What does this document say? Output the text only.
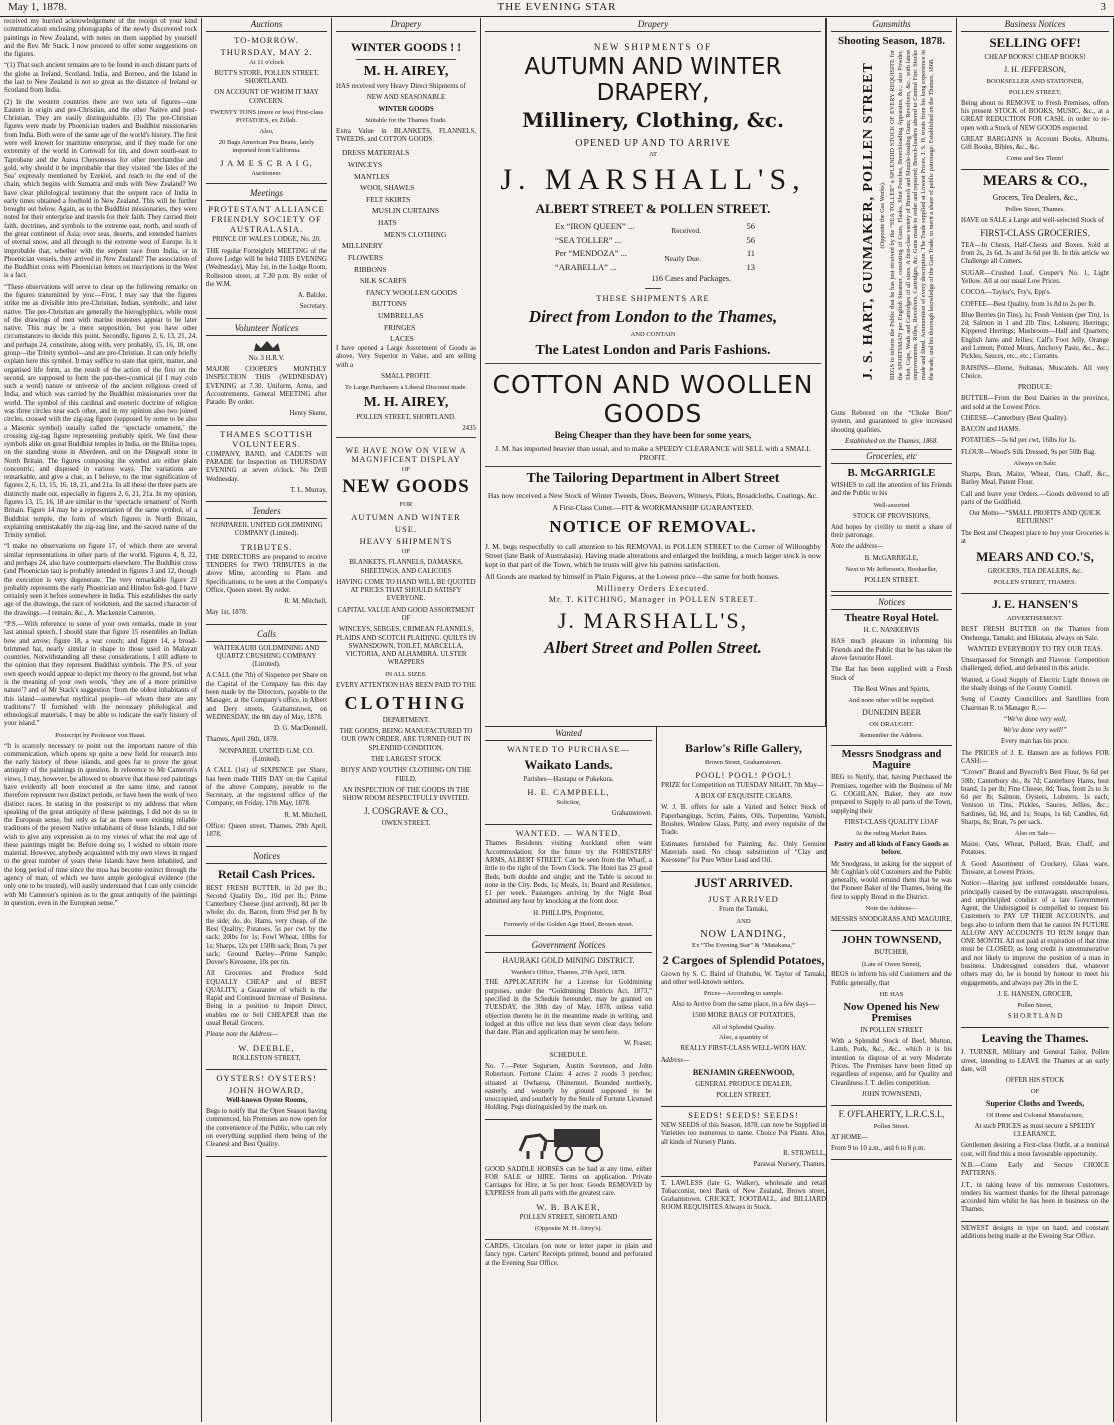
May 1, 1878.	THE EVENING STAR	3

received my hurried acknowledgement of the receipt of your kind communication enclosing photographs of the newly discovered rock paintings in New Zealand, with notes on them supplied by yourself and the Rev. Mr Stack. I now proceed to offer some suggestions on the figures.

“(1) That such ancient remains are to be found in such distant parts of the globe as Ireland, Scotland, India, and Borneo, and the Island in the last to New Zealand is not so great as the distance of Ireland or Scotland from India.

(2) In the western countries there are two sets of figures—one Eastern in origin and pre-Christian, and the other Native and post-Christian. They are easily distinguishable. (3) The pre-Christian figures were made by Phoenician traders and Buddhist missionaries from India. Both were of the same age of the world's history. The first were well known for maritime enterprise, and if they made for one extremity of the world in Cornwall for tin, and down south-east to Taprobane and the Aurea Chersonesus for other merchandise and gold, why should it be improbable that they visited ‘the Isles of the Sea’ expressly mentioned by Ezekiel, and reach to the end of the chain, which begins with Sumatra and ends with New Zealand? We have clear philological testimony that the serpent race of India in early times obtained a foothold in New Zealand. This will be further brought out below. Again, as to the Buddhist missionaries, they were noted for their enterprise and travels for their faith. They carried their faith, doctrines, and symbols to the extreme east, north, and south of the great continent of Asia; over seas, deserts, and extended barriers of eternal snow, and all through to the extreme west of Europe. Is it improbable that, whether with the serpent race from India, or in Phoenician vessels, they arrived in New Zealand? The association of the Buddhist cross with Phoenician letters on inscriptions in the West is a fact.

“These observations will serve to clear up the following remarks on the figures transmitted by you:—First, I may say that the figures strike me as divisible into pre-Christian, Indian, symbolic, and later native. The pre-Christian are generally the hieroglyphics, while most of the drawings of men with marine monsters appear to be later native. This may be a mere supposition, but you have other circumstances to decide this point. Secondly, figures 2, 6, 13, 21, 24, and perhaps 24, constitute, along with, very probably, 15, 16, 18, one group—the Trinity symbol—and are pre-Christian. It can only briefly explain here this symbol. It may suffice to state that spirit, matter, and organised life form, as the result of the action of the first on the second, are supposed to form the pan-theo-cosmical (if I may coin such a word) nature or universe of the ancient religious creed of India, and which was carried by the Buddhist missionaries over the world. The symbol of this cardinal and esoteric doctrine of religion was three circles near each other, and in my opinion also two joined circles, crossed with the zig-zag figure (supposed by some to be also a Masonic symbol) usually called the ‘spectacle ornament,’ the crossing zig-zag figure representing probably spirit. We find these symbols alike on great Buddhist temples in India, on the Bhilsa topes, on the standing stone in Aberdeen, and on the Dingwall stone in North Britain. The figures composing the symbol are either plain concentric, and disposed in various ways. The variations are remarkable, and give a clue, as I believe, to the true signification of figures 2, 6, 13, 15, 16, 18, 21, and 21a. In all these the three parts are distinctly made out, especially in figures 2, 6, 21, 21a. In my opinion, figures 13, 15, 16, 18 are similar to the ‘spectacle ornament’ of North Britain. Figure 14 may be a representation of the same symbol, of a Buddhist temple, the form of which figures in North Britain, explaining unmistakably the zig-zag line, and the sacred name of the Trinity symbol.

“I make no observations on figure 17, of which there are several similar representations in other parts of the world. Figures 4, 9, 22, and perhaps 24, also have counterparts elsewhere. The Buddhist cross (and Phoenician tau) is probably intended in figures 3 and 12, though the execution is very degenerate. The very remarkable figure 23 probably represents the early Phoenician and Hindoo fish-god. I have certainly seen it before somewhere in India. This establishes the early age of the drawings, the race of workmen, and the sacred character of the drawings.—I remain, &c., A. Mackenzie Cameron.

“P.S.—With reference to some of your own remarks, made in your last annual speech, I should state that figure 15 resembles an Indian bow and arrow; figure 18, a war couch; and figure 14, a broad-brimmed hat, nearly similar in shape to those used in Malayan countries. Notwithstanding all these considerations, I still adhere to the opinion that they represent Buddhist symbols. The P.S. of your own speech would appear to depict my theory to the ground, but what is the meaning of your own words, ‘they are of a more primitive nature’? and of Mr Stack's suggestion ‘from the oldest inhabitants of this island—somewhat mythical people—of whom there are any traditions’? If furnished with the necessary philological and ethnological materials, I may be able to indicate the early history of your island.”

Postscript by Professor von Haast.

“It is scarcely necessary to point out the important nature of this communication, which opens up quite a new field for research into the early history of these islands, and goes far to prove the great antiquity of the paintings in question. In reference to Mr Cameron's views, I may, however, be allowed to observe that these red paintings have evidently all been executed at the same time, and cannot therefore represent two distinct periods, or have been the work of two distinct races. In stating in the postscript to my address that when speaking of the great antiquity of these paintings, I did not do so in the European sense, but only as far as there were existing reliable traditions of the present Native inhabitants of these Islands, I did not wish to give any expression as to my views of what the real age of these paintings might be. Before doing so, I wished to obtain more material. However, anybody acquainted with my own views in regard to the great number of years these Islands have been inhabited, and the long period of time since the moa has become extinct through the agency of man, of which we have ample geological evidence (the only one to be trusted), will easily understand that I can only coincide with Mr Cameron's opinion as to the great antiquity of the paintings in question, even in the European sense.”

Auctions
TO-MORROW.
THURSDAY, MAY 2.
At 11 o'clock
BUTT'S STORE, POLLEN STREET, SHORTLAND.
ON ACCOUNT OF WHOM IT MAY CONCERN.
TWENTY TONS (more or less) First-class POTATOES, ex Zillah.
Also,
20 Bags American Pea Beans, lately imported from California.
J A M E S C R A I G,
Auctioneer.
Meetings
PROTESTANT ALLIANCE FRIENDLY SOCIETY OF AUSTRALASIA.
PRINCE OF WALES LODGE, No. 20.
THE regular Fortnightly MEETING of the above Lodge will be held THIS EVENING (Wednesday), May 1st, in the Lodge Room, Rolleston street, at 7.30 p.m. By order of the W.M.
A. Balcke,
Secretary.
Volunteer Notices
No. 3 H.R.V.
MAJOR COOPER'S MONTHLY INSPECTION THIS (WEDNESDAY) EVENING at 7.30. Uniform, Arms, and Accoutrements. General MEETING after Parade. By order.
Henry Skene,
THAMES SCOTTISH VOLUNTEERS.
COMPANY, BAND, and CADETS will PARADE for Inspection on THURSDAY EVENING at seven o'clock. No Drill Wednesday.
T. L. Murray,
Tenders
NONPAREIL UNITED GOLDMINING COMPANY (Limited).
TRIBUTES.
THE DIRECTORS are prepared to receive TENDERS for TWO TRIBUTES in the above Mine, according to Plans and Specifications, to be seen at the Company's Office, Queen street. By order.
R. M. Mitchell,
May 1st, 1878.
Calls
WAITEKAURI GOLDMINING AND QUARTZ CRUSHING COMPANY (Limited).
A CALL (the 7th) of Sixpence per Share on the Capital of the Company has this day been made by the Directors, payable to the Manager, at the Company's office, in Albert and Dery streets, Grahamstown, on WEDNESDAY, the 8th day of May, 1878.
D. G. MacDonnell,
Thames, April 26th, 1878.
NONPAREIL UNITED G.M. CO. (Limited).
A CALL (1st) of SIXPENCE per Share, has been made THIS DAY on the Capital of the above Company, payable to the Secretary, at the registered office of the Company, on Friday, 17th May, 1878.
R. M. Mitchell,
Office: Queen street, Thames, 29th April, 1878.
Notices
Retail Cash Prices.
BEST FRESH BUTTER, in 2d per lb.; Second Quality Do., 10d per lb.; Prime Canterbury Cheese (just arrived), 8d per lb whole; do. do. Bacon, from 9½d per lb by the side; do. do. Hams, very cheap, of the Best Quality; Potatoes, 5s per cwt by the sack; 20lbs for 1s; Fowl Wheat, 10lbs for 1s; Sharps, 12s per 150lb sack; Bran, 7s per sack; Ground Barley—Prime Sample; Dovee's Kerosene, 10s per tin.
All Groceries and Produce Sold EQUALLY CHEAP and of BEST QUALITY, a Guarantee of which is the Rapid and Continued Increase of Business. Being in a position to Import Direct, enables me to Sell CHEAPER than the usual Retail Grocers.
Please note the Address—
W. DEEBLE,
ROLLESTON STREET,
OYSTERS! OYSTERS!
JOHN HOWARD,
Well-known Oyster Rooms,
Begs to notify that the Open Season having commenced, his Premises are now open for the convenience of the Public, who can rely on everything supplied them being of the Cleanest and Best Quality.
Drapery
WINTER GOODS ! !
M. H. AIREY,
HAS received very Heavy Direct Shipments of
NEW AND SEASONABLE
WINTER GOODS
Suitable for the Thames Trade.
Extra Value in BLANKETS, FLANNELS, TWEEDS, and COTTON GOODS.
DRESS MATERIALS
WINCEYS
MANTLES
WOOL SHAWLS
FELT SKIRTS
MUSLIN CURTAINS
HATS
MEN'S CLOTHING
MILLINERY
FLOWERS
RIBBONS
SILK SCARFS
FANCY WOOLLEN GOODS
BUTTONS
UMBRELLAS
FRINGES
LACES
I have opened a Large Assortment of Goods as above, Very Superior in Value, and am selling with a
SMALL PROFIT.
To Large Purchasers a Liberal Discount made.
M. H. AIREY,
POLLEN STREET, SHORTLAND.
2435
WE HAVE NOW ON VIEW A MAGNIFICENT DISPLAY
OF
NEW GOODS
FOR
AUTUMN AND WINTER
USE.
HEAVY SHIPMENTS
OF
BLANKETS, FLANNELS, DAMASKS, SHEETINGS, AND CALICOES
HAVING COME TO HAND WILL BE QUOTED AT PRICES THAT SHOULD SATISFY EVERYONE.
CAPITAL VALUE AND GOOD ASSORTMENT OF
WINCEYS, SERGES, CRIMEAN FLANNELS, PLAIDS AND SCOTCH PLAIDING. QUILTS IN SWANSDOWN, TOILET, MARCELLA, VICTORIA, AND ALHAMBRA. ULSTER WRAPPERS
IN ALL SIZES.
EVERY ATTENTION HAS BEEN PAID TO THE
CLOTHING
DEPARTMENT.
THE GOODS, BEING MANUFACTURED TO OUR OWN ORDER, ARE TURNED OUT IN SPLENDID CONDITION.
THE LARGEST STOCK
BOYS' AND YOUTHS' CLOTHING ON THE FIELD.
AN INSPECTION OF THE GOODS IN THE SHOW ROOM RESPECTFULLY INVITED.
J. COSGRAVE & CO.,
OWEN STREET.
Drapery
NEW SHIPMENTS OF
AUTUMN AND WINTER DRAPERY,
Millinery, Clothing, &c.
OPENED UP AND TO ARRIVE
AT
J. MARSHALL'S,
ALBERT STREET & POLLEN STREET.
Ex “IRON QUEEN” ...	56
“SEA TOLLER” ...	56
Per “MENDOZA” ...	11
“ARABELLA” ...	13
Received.
Nearly Due.
116 Cases and Packages.
THESE SHIPMENTS ARE
Direct from London to the Thames,
AND CONTAIN
The Latest London and Paris Fashions.
COTTON AND WOOLLEN GOODS
Being Cheaper than they have been for some years,
J. M. has imported heavier than usual, and to make a SPEEDY CLEARANCE will SELL with a SMALL PROFIT.
The Tailoring Department in Albert Street
Has now received a New Stock of Winter Tweeds, Does, Beavers, Witneys, Pilots, Broadcloths, Coatings, &c.
A First-Class Cutter.—FIT & WORKMANSHIP GUARANTEED.
NOTICE OF REMOVAL.
J. M. begs respectfully to call attention to his REMOVAL in POLLEN STREET to the Corner of Willoughby Street (late Bank of Australasia). Having made alterations and enlarged the building, a much larger stock is now kept in that part of the Town, which he trusts will give his patrons satisfaction.
All Goods are marked by himself in Plain Figures, at the Lowest price—the same for both houses.
Millinery Orders Executed.
Mr. T. KITCHING, Manager in POLLEN STREET.
J. MARSHALL'S,
Albert Street and Pollen Street.
Wanted
WANTED TO PURCHASE—
Waikato Lands.
Parishes—Hautapu or Pukekura.
H. E. CAMPBELL,
Solicitor,
Grahamstown.
WANTED. — WANTED.
Thames Residents visiting Auckland often want Accommodation; for the future try the FORESTERS' ARMS, ALBERT STREET. Can be seen from the Wharf, a little to the right of the Town Clock. The Hotel has 23 good Beds, both double and single; and the Table is second to none in the City. Beds, 1s; Meals, 1s; Board and Residence, £1 per week. Passengers arriving by the Night Boat admitted any hour by knocking at the front door.
H. PHILLIPS, Proprietor,
Formerly of the Golden Age Hotel, Brown street.
Government Notices
HAURAKI GOLD MINING DISTRICT.
Warden's Office, Thames, 27th April, 1878.
THE APPLICATION for a License for Goldmining purposes, under the “Goldmining Districts Act, 1873,” specified in the Schedule hereunder, may be granted on TUESDAY, the 30th day of May, 1878, unless valid objection thereto be in the meantime made in writing, and lodged at this office not less than seven clear days before that date. Plan and application may be seen here.
W. Fraser,
SCHEDULE.
No. 7.—Peter Segursen, Austin Sorenson, and John Robertson. Fortune Claim: 4 acres 2 roods 3 perches; situated at Owharoa, Ohinemuri. Bounded northerly, easterly, and westerly by ground supposed to be unoccupied, and southerly by the Smile of Fortune Licensed Holding. Pegs distinguished by the mark on.
GOOD SADDLE HORSES can be had at any time, either FOR SALE or HIRE. Terms on application. Private Carriages for Hire, at 5s per hour. Goods REMOVED by EXPRESS from all parts with the greatest care.
W. B. BAKER,
POLLEN STREET, SHORTLAND
(Opposite M. H. Airey's).
CARDS, Circulars (on note or letter paper in plain and fancy type. Carters' Receipts printed, bound and perforated at the Evening Star Office.
Barlow's Rifle Gallery,
Brown Street, Grahamstown.
POOL! POOL! POOL!
PRIZE for Competition on TUESDAY NIGHT, 7th May—
A BOX OF EXQUISITE CIGARS.
W. J. B. offers for sale a Varied and Select Stock of Paperhangings, Scrim, Paints, Oils, Turpentine, Varnish, Brushes, Window Glass, Putty, and every requisite of the Trade.
Estimates furnished for Painting, &c. Only Genuine Materials used. No cheap substitution of “Clay and Kerosene” for Pure White Lead and Oil.
JUST ARRIVED.
JUST ARRIVED
From the Tamaki,
AND
NOW LANDING,
Ex “The Evening Star” & “Matakana,”
2 Cargoes of Splendid Potatoes,
Grown by S. C. Baird of Otahuhu, W. Taylor of Tamaki, and other well-known settlers.
Prices—According to sample.
Also to Arrive from the same place, in a few days—
1500 MORE BAGS OF POTATOES,
All of Splendid Quality.
Also, a quantity of
REALLY FIRST-CLASS WELL-WON HAY.
Address—
BENJAMIN GREENWOOD,
GENERAL PRODUCE DEALER,
POLLEN STREET,
SEEDS! SEEDS! SEEDS!
NEW SEEDS of this Season, 1878, can now be Supplied in Varieties too numerous to name. Choice Pot Plants. Also, all kinds of Nursery Plants.
R. STILWELL,
Parawai Nursery, Thames.
T. LAWLESS (late G. Walker), wholesale and retail Tobacconist, next Bank of New Zealand, Brown street, Grahamstown. CRICKET, FOOTBALL, and BILLIARD ROOM REQUISITES Always in Stock.
Business Notices
SELLING OFF!
CHEAP BOOKS! CHEAP BOOKS!
J. H. JEFFERSON,
BOOKSELLER AND STATIONER,
POLLEN STREET,
Being about to REMOVE to Fresh Premises, offers his present STOCK of BOOKS, MUSIC, &c., at a GREAT REDUCTION FOR CASH, in order to re-open with a Stock of NEW GOODS expected.
GREAT BARGAINS in Account Books, Albums, Gift Books, Bibles, &c., &c.
Come and See Them!
MEARS & CO.,
Grocers, Tea Dealers, &c.,
Pollen Street, Thames.
HAVE on SALE a Large and well-selected Stock of
FIRST-CLASS GROCERIES.
TEA—In Chests, Half-Chests and Boxes. Sold at from 2s, 2s 6d, 3s and 3s 6d per lb. In this article we Challenge all Comers.
SUGAR—Crushed Loaf, Couper's No. 1, Light Yellow. All at our usual Low Prices.
COCOA—Taylor's, Fry's, Epp's.
COFFEE—Best Quality, from 1s 8d to 2s per lb.
Blue Berries (in Tins), 1s; Fresh Venison (per Tin), 1s 2d; Salmon in 1 and 2lb Tins; Lobsters; Herrings; Kippered Herrings; Mushroom—Half and Quarters; English Jams and Jellies; Calf's Foot Jelly, Orange and Lemon; Potted Meats, Anchovy Paste, &c., &c.; Pickles, Sauces, etc., etc.; Currants.
RAISINS—Eleme, Sultanas, Muscatels. All very Choice.
PRODUCE:
BUTTER—From the Best Dairies in the province, and sold at the Lowest Price.
CHEESE—Canterbury (Best Quality).
BACON and HAMS.
POTATOES—5s 6d per cwt, 16lbs for 1s.
FLOUR—Wood's Silk Dressed, 9s per 50lb Bag.
Always on Sale:
Sharps, Bran, Maize, Wheat, Oats, Chaff, &c., Barley Meal, Patent Flour.
Call and leave your Orders.—Goods delivered to all parts of the Goldfield.
Our Motto—“SMALL PROFITS AND QUICK RETURNS!”
The Best and Cheapest place to buy your Groceries is at
MEARS AND CO.'S,
GROCERS, TEA DEALERS, &c.
POLLEN STREET, THAMES.
J. E. HANSEN'S
ADVERTISEMENT.
BEST FRESH BUTTER on the Thames from Onehunga, Tamaki, and Hikutaia, always on Sale.
WANTED EVERYBODY TO TRY OUR TEAS.
Unsurpassed for Strength and Flavour. Competition challenged, defied, and defeated in this article.
Wanted, a Good Supply of Electric Light thrown on the shady doings of the County Council.
Song of County Councillors and Satellites from Chairman R. to Manager R.:—
“We've done very well,
We've done very well!”
Every man has his price.
The PRICES of J. E. Hansen are as follows FOR CASH:—
“Crown” Brand and Byecroft's Best Flour, 9s 6d per 50lb; Canterbury do., 8s 7d; Canterbury Hams, best brand, 1s per lb; Fine Cheese, 8d; Teas, from 2s to 3s 6d per lb; Salmon, Oysters, Lobsters, 1s each; Venison in Tins, Pickles, Sauces, Jellies, &c.; Sardines, 6d, 8d, and 1s; Soaps, 1s 6d; Candles, 6d; Sharps, 8s; Bran, 7s per sack.
Also on Sale—
Maize, Oats, Wheat, Pollard, Bran, Chaff, and Potatoes.
A Good Assortment of Crockery, Glass ware, Tinware, at Lowest Prices.
Notice:—Having just suffered considerable losses, principally caused by the extravagant, unscrupulous, and unprincipled conduct of a late Government Agent, the Undersigned is compelled to request his Customers to PAY UP THEIR ACCOUNTS, and begs also to inform them that he cannot IN FUTURE ALLOW ANY ACCOUNTS TO RUN longer than ONE MONTH. All not paid at expiration of that time must be CLOSED, as long credit is unremunerative and not likely to improve the position of a man in business. Undersigned considers that, whatever others may do, he is bound by honour to meet his engagements, and always pay 20s in the £.
J. E. HANSEN, GROCER,
Pollen Street,
S H O R T L A N D
Leaving the Thames.
J. TURNER, Military and General Tailor, Pollen street, intending to LEAVE the Thames at an early date, will
OFFER HIS STOCK
OF
Superior Cloths and Tweeds,
Of Home and Colonial Manufacture,
At such PRICES as must secure a SPEEDY CLEARANCE.
Gentlemen desiring a First-class Outfit, at a nominal cost, will find this a most favourable opportunity.
N.B.—Come Early and Secure CHOICE PATTERNS.
J.T., in taking leave of his numerous Customers, tenders his warmest thanks for the liberal patronage accorded him whilst he has been in business on the Thames.
NEWEST designs in type on hand, and constant additions being made at the Evening Star Office.
Gunsmiths
Shooting Season, 1878.
J. S. HART, GUNMAKER, POLLEN STREET (Opposite the Gas Works). BEGS to inform the Public that he has just received by the “SEA TOLLER” a SPLENDID STOCK OF EVERY REQUISITE for the SPORTSMAN per English Steamer, consisting of Guns, Flasks, Shot Pouches, Breechloading Apparatus, &c.; also Powder, Shot, Caps, Wads and Cartridges of all sizes. A first-class variety of Breech and Muzzle-loading Guns; Revolvers, &c., with latest improvements. Rifles, Revolvers, Cartridges, &c. Guns made to order and repaired; Breech-loaders altered to Central Fire; Stocks made and fitted. Ammunition of every description. The Trade supplied at Lowest Prices. J. S. H. trusts from his long experience in the trade, and his thorough knowledge of the Gun Trade, to merit a share of public patronage. Established on the Thames, 1868.
Guns Rebored on the “Choke Bore” system, and guaranteed to give increased shooting qualities.
Established on the Thames, 1868.
Groceries, etc
B. McGARRIGLE
WISHES to call the attention of his Friends and the Public to his
Well-assorted
STOCK OF PROVISIONS,
And hopes by civility to merit a share of their patronage.
Note the address—
B. McGARRIGLE,
Next to Mr Jefferson's, Bookseller,
POLLEN STREET.
Notices
Theatre Royal Hotel.
H. C. NANKERVIS
HAS much pleasure in informing his Friends and the Public that he has taken the above favourite Hotel.
The Bar has been supplied with a Fresh Stock of
The Best Wines and Spirits,
And none other will be supplied.
DUNEDIN BEER
ON DRAUGHT.
Remember the Address.
Messrs Snodgrass and Maguire
BEG to Notify, that, having Purchased the Premises, together with the Business of Mr G. COGHLAN, Baker, they are now prepared to Supply to all parts of the Town, supplying their
FIRST-CLASS QUALITY LOAF
At the ruling Market Rates.
Pastry and all kinds of Fancy Goods as before.
Mr Snodgrass, in asking for the support of Mr Coghlan's old Customers and the Public generally, would remind them that he was the Pioneer Baker of the Thames, being the first to supply Bread in the District.
Note the Address—
MESSRS SNODGRASS AND MAGUIRE,
JOHN TOWNSEND,
BUTCHER,
(Late of Owen Street),
BEGS to inform his old Customers and the Public generally, that
HE HAS
Now Opened his New Premises
IN POLLEN STREET
With a Splendid Stock of Beef, Mutton, Lamb, Pork, &c., &c., which it is his intention to dispose of at very Moderate Prices. The Premises have been fitted up regardless of expense, and for Quality and Cleanliness J. T. defies competition.
JOHN TOWNSEND,
F. O'FLAHERTY, L.R.C.S.I.,
Pollen Street.
AT HOME—
From 9 to 10 a.m., and 6 to 8 p.m.
